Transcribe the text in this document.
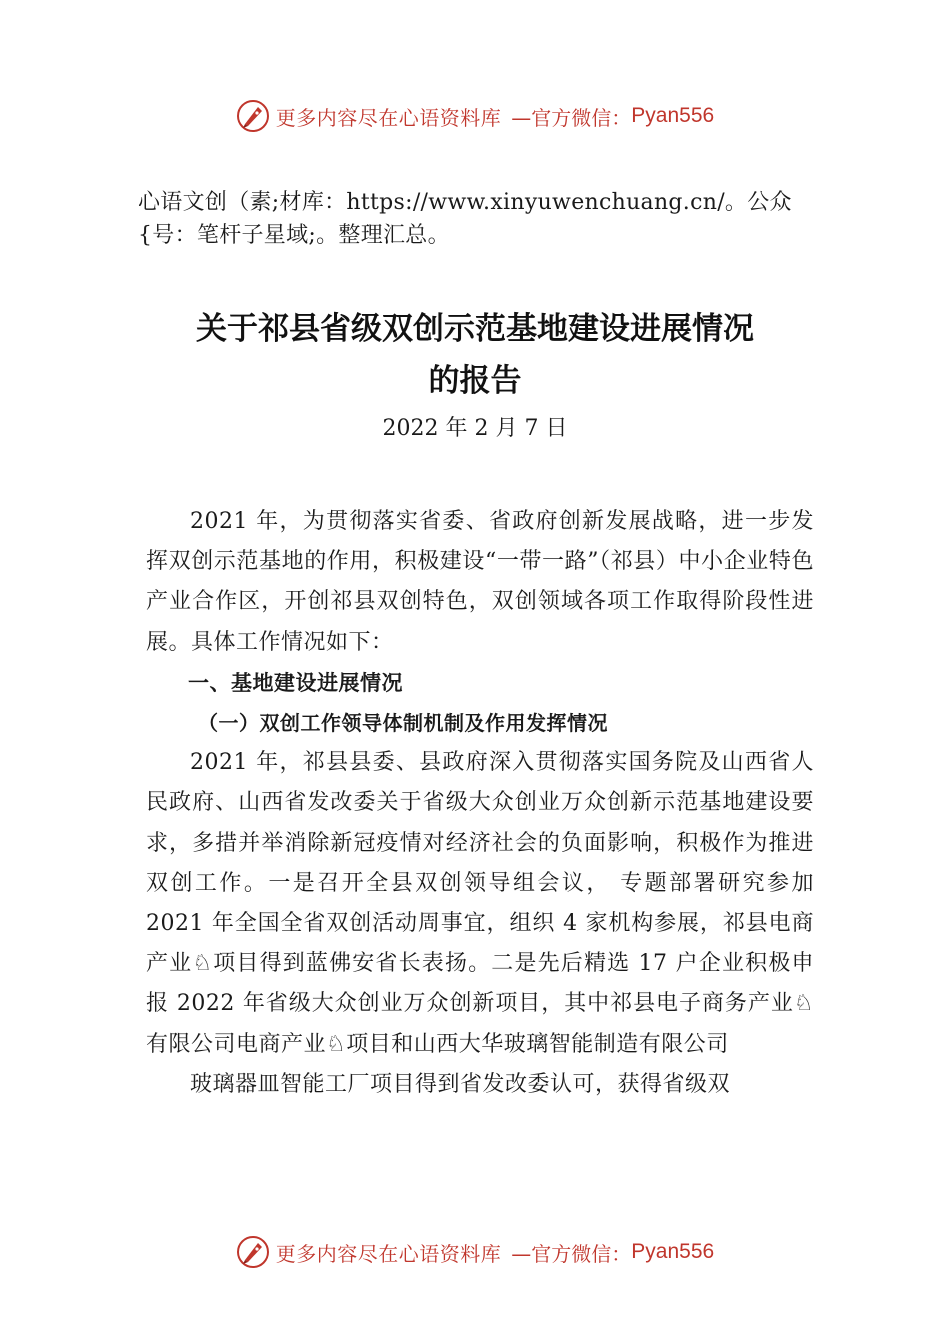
更多内容尽在心语资料库 —官方微信： Pyan556
心语文创（素;材库：https://www.xinyuwenchuang.cn/。公众{号：笔杆子星域;。整理汇总。
关于祁县省级双创示范基地建设进展情况
的报告
2022 年 2 月 7 日

2021 年，为贯彻落实省委、省政府创新发展战略，进一步发挥双创示范基地的作用，积极建设“一带一路”（祁县）中小企业特色产业合作区，开创祁县双创特色，双创领域各项工作取得阶段性进展。具体工作情况如下：

一、基地建设进展情况
（一）双创工作领导体制机制及作用发挥情况

2021 年，祁县县委、县政府深入贯彻落实国务院及山西省人民政府、山西省发改委关于省级大众创业万众创新示范基地建设要求，多措并举消除新冠疫情对经济社会的负面影响，积极作为推进双创工作。一是召开全县双创领导组会议， 专题部署研究参加 2021 年全国全省双创活动周事宜，组织 4 家机构参展，祁县电商产业♘项目得到蓝佛安省长表扬。二是先后精选 17 户企业积极申报 2022 年省级大众创业万众创新项目，其中祁县电子商务产业♘有限公司电商产业♘项目和山西大华玻璃智能制造有限公司

玻璃器皿智能工厂项目得到省发改委认可，获得省级双

更多内容尽在心语资料库 —官方微信： Pyan556
